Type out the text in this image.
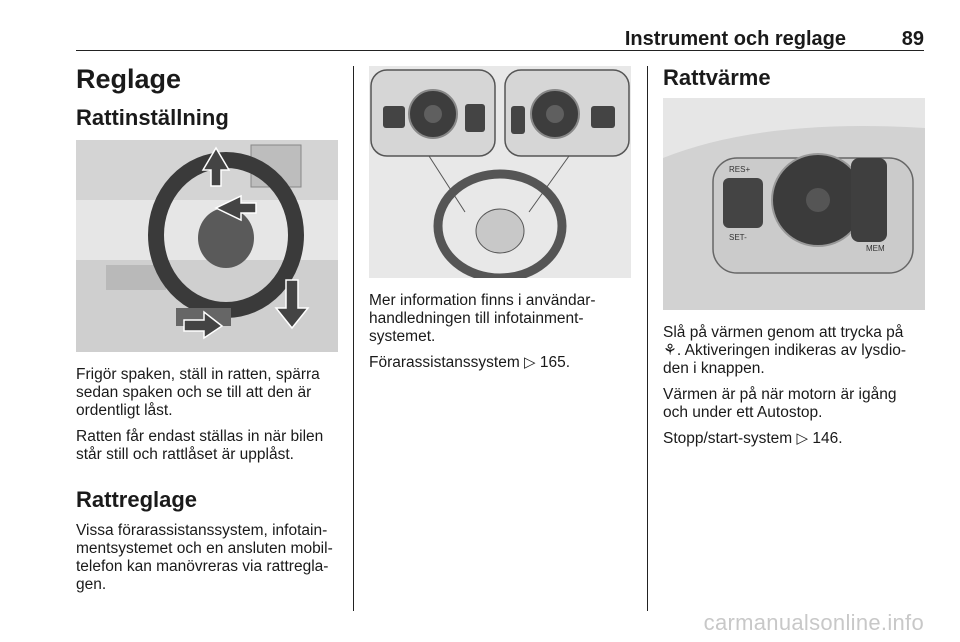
Instrument och reglage	89
Reglage
Rattinställning

Frigör spaken, ställ in ratten, spärra sedan spaken och se till att den är ordentligt låst.

Ratten får endast ställas in när bilen står still och rattlåset är upplåst.

Rattreglage

Vissa förarassistanssystem, infotain-mentsystemet och en ansluten mobil-telefon kan manövreras via rattregla-gen.

Mer information finns i användar-handledningen till infotainment-systemet.

Förarassistanssystem ▷ 165.

Rattvärme
RES+
SET-
MEM

Slå på värmen genom att trycka på ⚘. Aktiveringen indikeras av lysdio-den i knappen.

Värmen är på när motorn är igång och under ett Autostop.

Stopp/start-system ▷ 146.

carmanualsonline.info
